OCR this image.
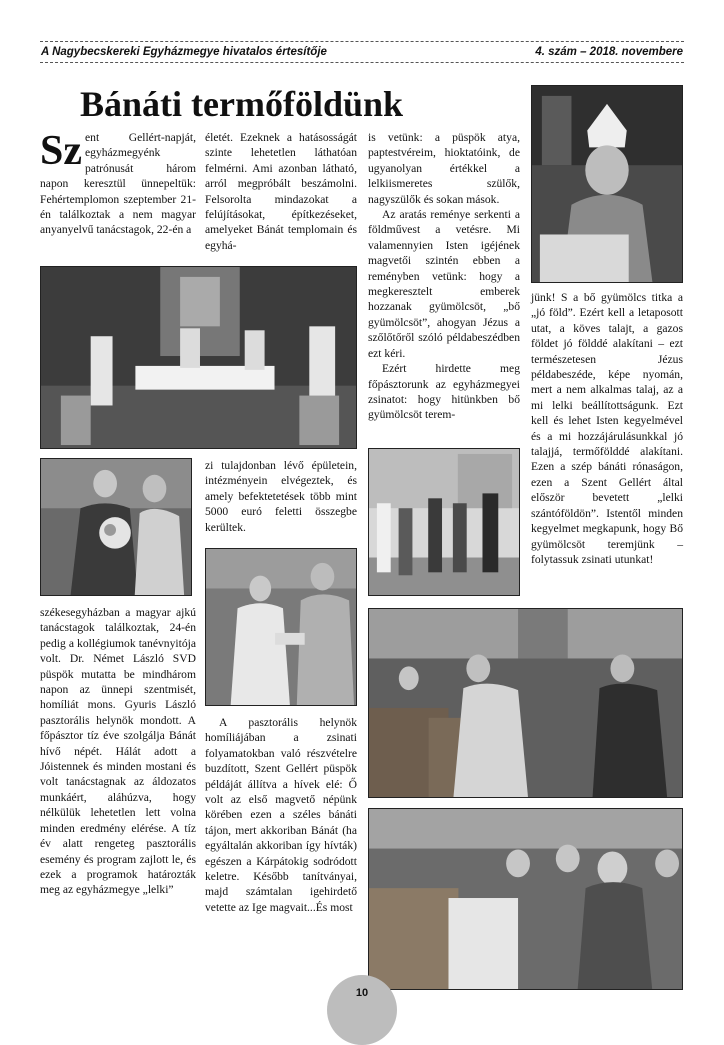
A Nagybecskereki Egyházmegye hivatalos értesítője	4. szám – 2018. novembere
Bánáti termőföldünk

Sz ent Gellért-napját, egyházmegyénk patrónusát három napon keresztül ünnepeltük: Fehértemplomon szeptember 21-én találkoztak a nem magyar anyanyelvű tanácstagok, 22-én a

életét. Ezeknek a hatásosságát szinte lehetetlen láthatóan felmérni. Ami azonban látható, arról megpróbált beszámolni. Felsorolta mindazokat a felújításokat, építkezéseket, amelyeket Bánát templomain és egyhá-

is vetünk: a püspök atya, paptestvéreim, hioktatóink, de ugyanolyan értékkel a lelkiismeretes szülők, nagyszülők és sokan mások.

Az aratás reménye serkenti a földművest a vetésre. Mi valamennyien Isten igéjének magvetői szintén ebben a reményben vetünk: hogy a megkeresztelt emberek hozzanak gyümölcsöt, „bő gyümölcsöt”, ahogyan Jézus a szőlőtőről szóló példabeszédben ezt kéri.

Ezért hirdette meg főpásztorunk az egyházmegyei zsinatot: hogy hitünkben bő gyümölcsöt terem-

jünk! S a bő gyümölcs titka a „jó föld”. Ezért kell a letaposott utat, a köves talajt, a gazos földet jó földdé alakítani – ezt természetesen Jézus példabeszéde, képe nyomán, mert a nem alkalmas talaj, az a mi lelki beállítottságunk. Ezt kell és lehet Isten kegyelmével és a mi hozzájárulásunkkal jó talajjá, termőfölddé alakítani. Ezen a szép bánáti rónaságon, ezen a Szent Gellért által először bevetett „lelki szántóföldön”. Istentől minden kegyelmet megkapunk, hogy Bő gyümölcsöt teremjünk – folytassuk zsinati utunkat!

székesegyházban a magyar ajkú tanácstagok találkoztak, 24-én pedig a kollégiumok tanévnyitója volt. Dr. Német László SVD püspök mutatta be mindhárom napon az ünnepi szentmisét, homíliát mons. Gyuris László pasztorális helynök mondott. A főpásztor tíz éve szolgálja Bánát hívő népét. Hálát adott a Jóistennek és minden mostani és volt tanácstagnak az áldozatos munkáért, aláhúzva, hogy nélkülük lehetetlen lett volna minden eredmény elérése. A tíz év alatt rengeteg pasztorális esemény és program zajlott le, és ezek a programok határozták meg az egyházmegye „lelki”

zi tulajdonban lévő épületein, intézményein elvégeztek, és amely befektetetések több mint 5000 euró feletti összegbe kerültek.

A pasztorális helynök homíliájában a zsinati folyamatokban való részvételre buzdított, Szent Gellért püspök példáját állítva a hívek elé: Ő volt az első magvető népünk körében ezen a széles bánáti tájon, mert akkoriban Bánát (ha egyáltalán akkoriban így hívták) egészen a Kárpátokig sodródott keletre. Később tanítványai, majd számtalan igehirdető vetette az Ige magvait...És most

10
